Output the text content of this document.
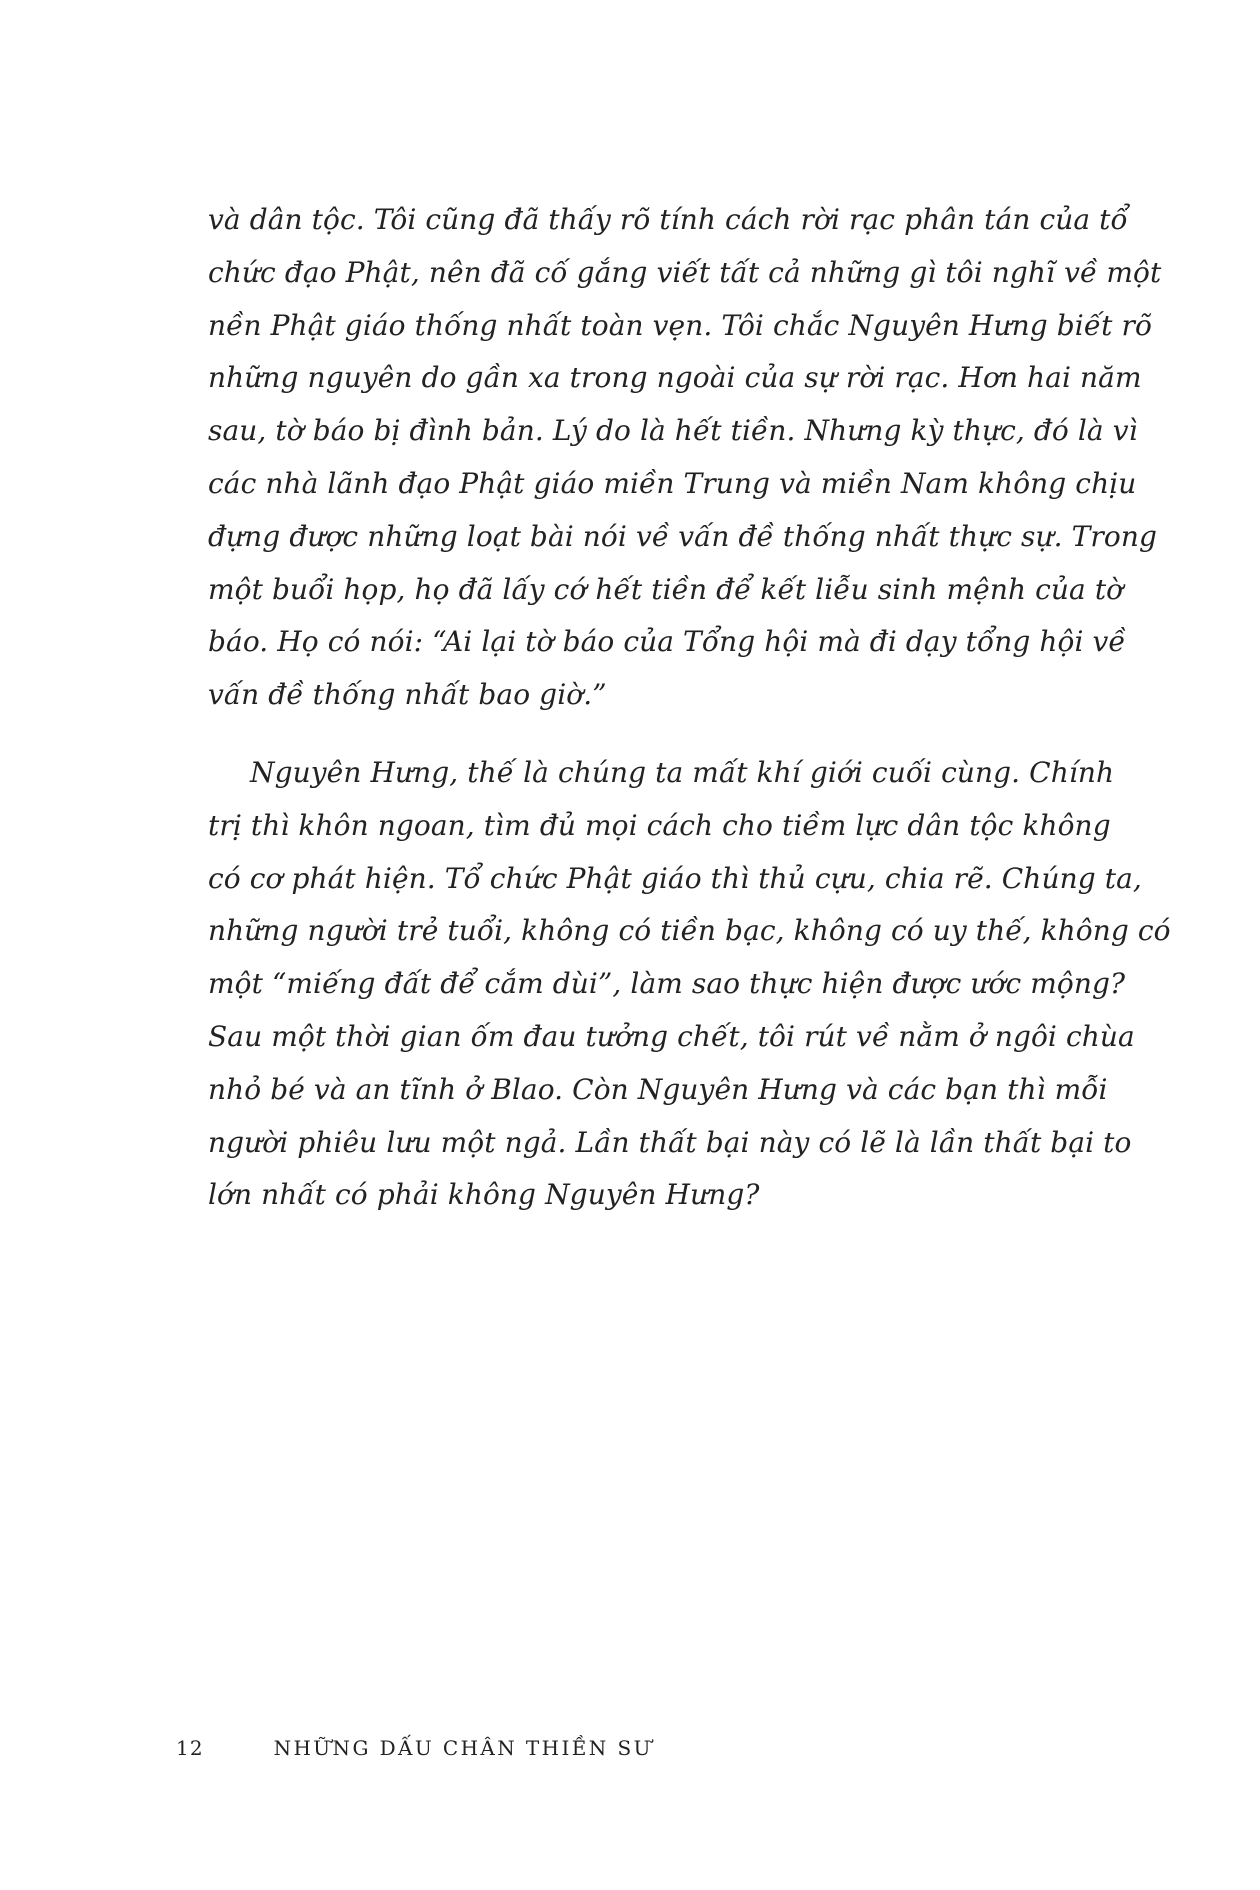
và dân tộc. Tôi cũng đã thấy rõ tính cách rời rạc phân tán của tổ
chức đạo Phật, nên đã cố gắng viết tất cả những gì tôi nghĩ về một
nền Phật giáo thống nhất toàn vẹn. Tôi chắc Nguyên Hưng biết rõ
những nguyên do gần xa trong ngoài của sự rời rạc. Hơn hai năm
sau, tờ báo bị đình bản. Lý do là hết tiền. Nhưng kỳ thực, đó là vì
các nhà lãnh đạo Phật giáo miền Trung và miền Nam không chịu
đựng được những loạt bài nói về vấn đề thống nhất thực sự. Trong
một buổi họp, họ đã lấy cớ hết tiền để kết liễu sinh mệnh của tờ
báo. Họ có nói: “Ai lại tờ báo của Tổng hội mà đi dạy tổng hội về
vấn đề thống nhất bao giờ.”

Nguyên Hưng, thế là chúng ta mất khí giới cuối cùng. Chính
trị thì khôn ngoan, tìm đủ mọi cách cho tiềm lực dân tộc không
có cơ phát hiện. Tổ chức Phật giáo thì thủ cựu, chia rẽ. Chúng ta,
những người trẻ tuổi, không có tiền bạc, không có uy thế, không có
một “miếng đất để cắm dùi”, làm sao thực hiện được ước mộng?
Sau một thời gian ốm đau tưởng chết, tôi rút về nằm ở ngôi chùa
nhỏ bé và an tĩnh ở Blao. Còn Nguyên Hưng và các bạn thì mỗi
người phiêu lưu một ngả. Lần thất bại này có lẽ là lần thất bại to
lớn nhất có phải không Nguyên Hưng?

12	NHỮNG DẤU CHÂN THIỀN SƯ
